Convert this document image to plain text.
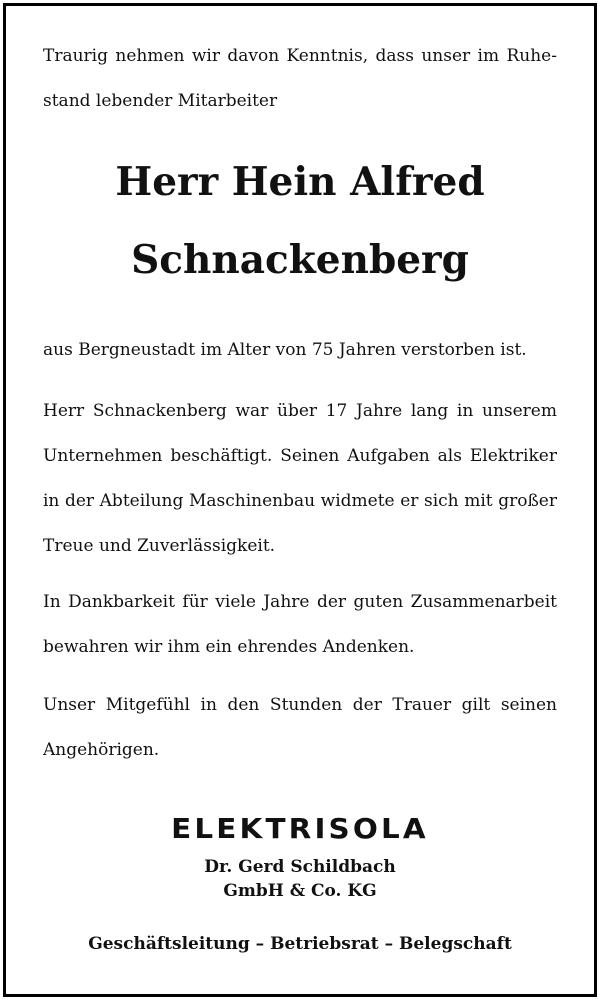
Traurig nehmen wir davon Kenntnis, dass unser im Ruhestand lebender Mitarbeiter

Herr Hein Alfred
Schnackenberg

aus Bergneustadt im Alter von 75 Jahren verstorben ist.

Herr Schnackenberg war über 17 Jahre lang in unserem Unternehmen beschäftigt. Seinen Aufgaben als Elektriker in der Abteilung Maschinenbau widmete er sich mit großer Treue und Zuverlässigkeit.

In Dankbarkeit für viele Jahre der guten Zusammenarbeit bewahren wir ihm ein ehrendes Andenken.

Unser Mitgefühl in den Stunden der Trauer gilt seinen Angehörigen.

ELEKTRISOLA
Dr. Gerd Schildbach
GmbH & Co. KG
Geschäftsleitung – Betriebsrat – Belegschaft
